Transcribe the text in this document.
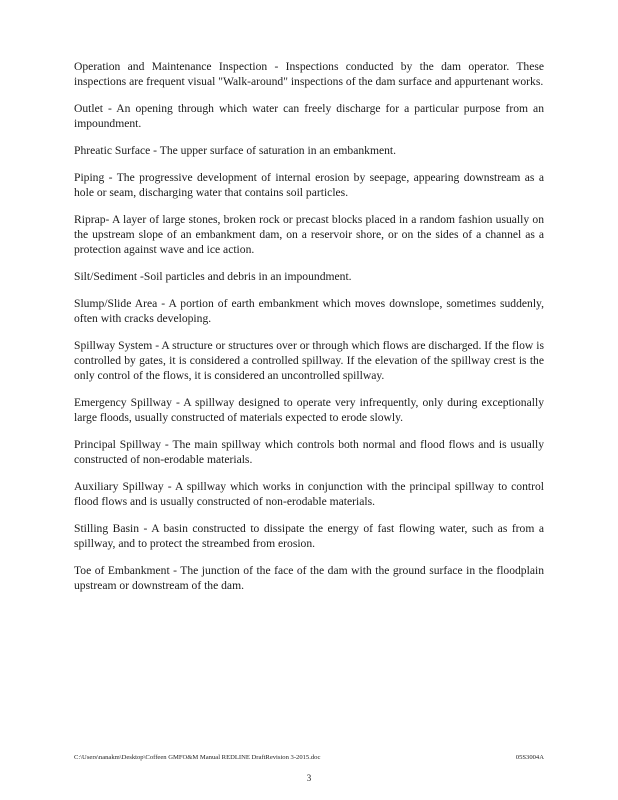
Operation and Maintenance Inspection - Inspections conducted by the dam operator. These inspections are frequent visual "Walk-around" inspections of the dam surface and appurtenant works.

Outlet - An opening through which water can freely discharge for a particular purpose from an impoundment.

Phreatic Surface - The upper surface of saturation in an embankment.

Piping - The progressive development of internal erosion by seepage, appearing downstream as a hole or seam, discharging water that contains soil particles.

Riprap- A layer of large stones, broken rock or precast blocks placed in a random fashion usually on the upstream slope of an embankment dam, on a reservoir shore, or on the sides of a channel as a protection against wave and ice action.

Silt/Sediment -Soil particles and debris in an impoundment.

Slump/Slide Area - A portion of earth embankment which moves downslope, sometimes suddenly, often with cracks developing.

Spillway System - A structure or structures over or through which flows are discharged. If the flow is controlled by gates, it is considered a controlled spillway. If the elevation of the spillway crest is the only control of the flows, it is considered an uncontrolled spillway.

Emergency Spillway - A spillway designed to operate very infrequently, only during exceptionally large floods, usually constructed of materials expected to erode slowly.

Principal Spillway - The main spillway which controls both normal and flood flows and is usually constructed of non-erodable materials.

Auxiliary Spillway - A spillway which works in conjunction with the principal spillway to control flood flows and is usually constructed of non-erodable materials.

Stilling Basin - A basin constructed to dissipate the energy of fast flowing water, such as from a spillway, and to protect the streambed from erosion.

Toe of Embankment - The junction of the face of the dam with the ground surface in the floodplain upstream or downstream of the dam.

C:\Users\nanakm\Desktop\Coffeen GMFO&M Manual REDLINE DraftRevision 3-2015.doc	05S3004A
3
